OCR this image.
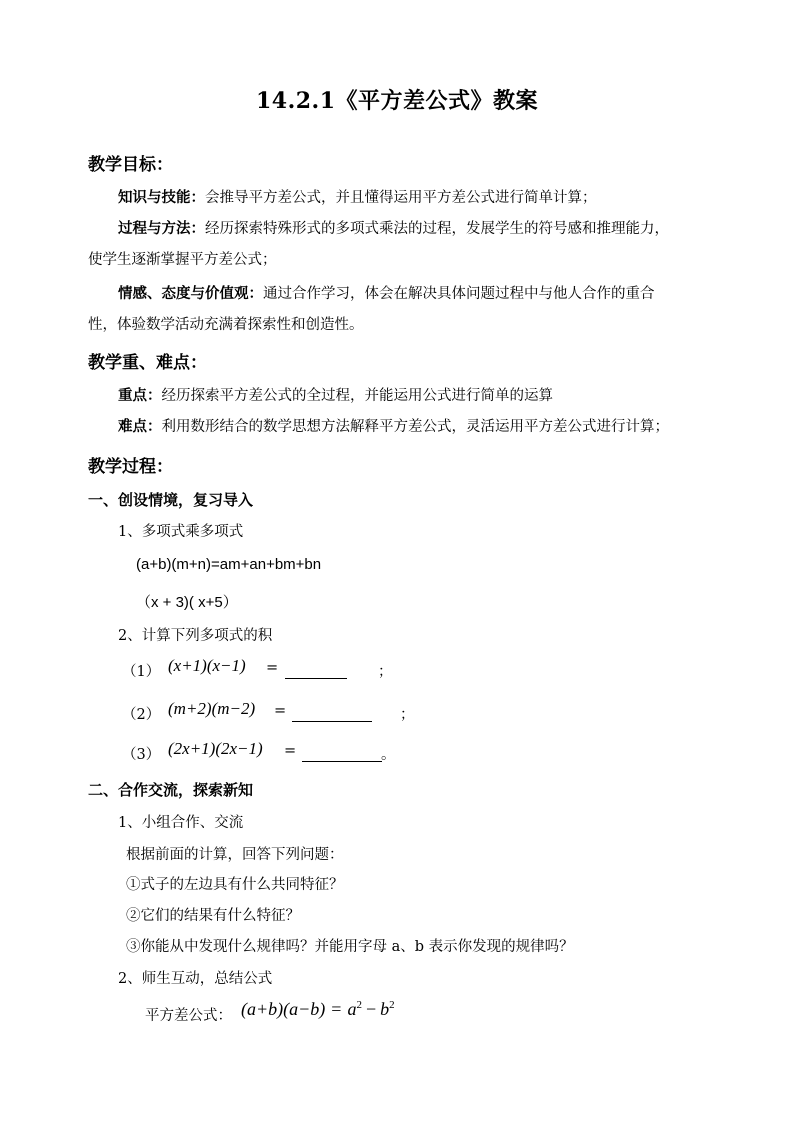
14.2.1《平方差公式》教案
教学目标：
知识与技能：会推导平方差公式，并且懂得运用平方差公式进行简单计算；
过程与方法：经历探索特殊形式的多项式乘法的过程，发展学生的符号感和推理能力，
使学生逐渐掌握平方差公式；
情感、态度与价值观：通过合作学习，体会在解决具体问题过程中与他人合作的重合
性，体验数学活动充满着探索性和创造性。
教学重、难点：
重点：经历探索平方差公式的全过程，并能运用公式进行简单的运算
难点：利用数形结合的数学思想方法解释平方差公式，灵活运用平方差公式进行计算；
教学过程：
一、创设情境，复习导入
1、多项式乘多项式
(a+b)(m+n)=am+an+bm+bn
（x + 3)( x+5）
2、计算下列多项式的积
（1） (x+1)(x−1) =	；
（2） (m+2)(m−2) =	；
（3） (2x+1)(2x−1) =	。
二、合作交流，探索新知
1、小组合作、交流
根据前面的计算，回答下列问题：
①式子的左边具有什么共同特征？
②它们的结果有什么特征？
③你能从中发现什么规律吗？并能用字母 a、b 表示你发现的规律吗？
2、师生互动，总结公式
平方差公式： $(a+b)(a-b) = a^2 - b^2$
